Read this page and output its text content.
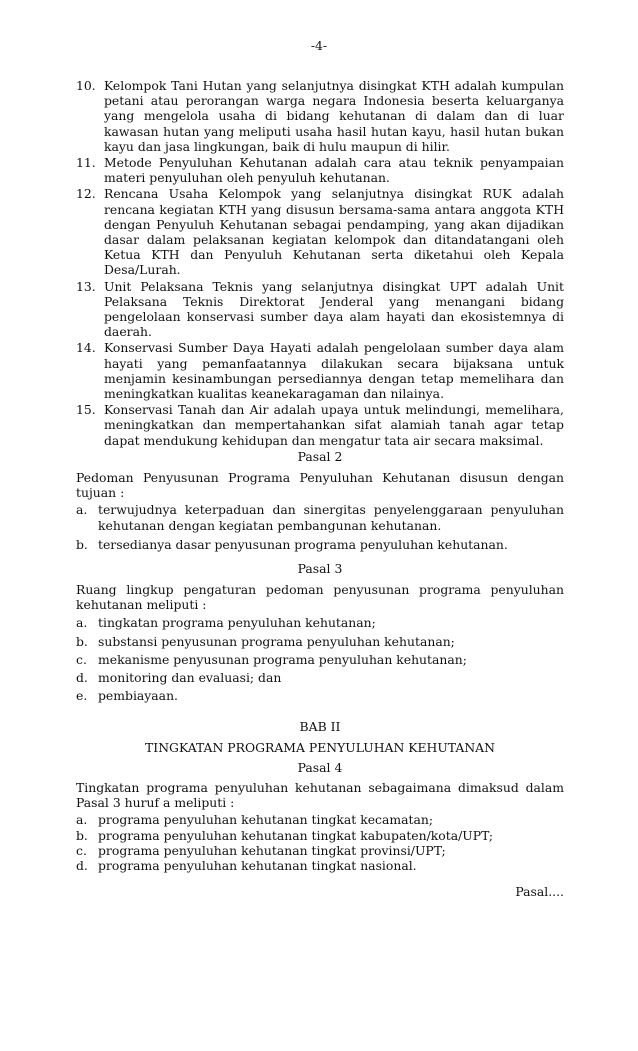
-4-
10. Kelompok Tani Hutan yang selanjutnya disingkat KTH adalah kumpulan petani atau perorangan warga negara Indonesia beserta keluarganya yang mengelola usaha di bidang kehutanan di dalam dan di luar kawasan hutan yang meliputi usaha hasil hutan kayu, hasil hutan bukan kayu dan jasa lingkungan, baik di hulu maupun di hilir.
11. Metode Penyuluhan Kehutanan adalah cara atau teknik penyampaian materi penyuluhan oleh penyuluh kehutanan.
12. Rencana Usaha Kelompok yang selanjutnya disingkat RUK adalah rencana kegiatan KTH yang disusun bersama-sama antara anggota KTH dengan Penyuluh Kehutanan sebagai pendamping, yang akan dijadikan dasar dalam pelaksanan kegiatan kelompok dan ditandatangani oleh Ketua KTH dan Penyuluh Kehutanan serta diketahui oleh Kepala Desa/Lurah.
13. Unit Pelaksana Teknis yang selanjutnya disingkat UPT adalah Unit Pelaksana Teknis Direktorat Jenderal yang menangani bidang pengelolaan konservasi sumber daya alam hayati dan ekosistemnya di daerah.
14. Konservasi Sumber Daya Hayati adalah pengelolaan sumber daya alam hayati yang pemanfaatannya dilakukan secara bijaksana untuk menjamin kesinambungan persediannya dengan tetap memelihara dan meningkatkan kualitas keanekaragaman dan nilainya.
15. Konservasi Tanah dan Air adalah upaya untuk melindungi, memelihara, meningkatkan dan mempertahankan sifat alamiah tanah agar tetap dapat mendukung kehidupan dan mengatur tata air secara maksimal.
Pasal 2

Pedoman Penyusunan Programa Penyuluhan Kehutanan disusun dengan tujuan :

a. terwujudnya keterpaduan dan sinergitas penyelenggaraan penyuluhan kehutanan dengan kegiatan pembangunan kehutanan.
b. tersedianya dasar penyusunan programa penyuluhan kehutanan.
Pasal 3

Ruang lingkup pengaturan pedoman penyusunan programa penyuluhan kehutanan meliputi :

a. tingkatan programa penyuluhan kehutanan;
b. substansi penyusunan programa penyuluhan kehutanan;
c. mekanisme penyusunan programa penyuluhan kehutanan;
d. monitoring dan evaluasi; dan
e. pembiayaan.
BAB II
TINGKATAN PROGRAMA PENYULUHAN KEHUTANAN
Pasal 4

Tingkatan programa penyuluhan kehutanan sebagaimana dimaksud dalam Pasal 3 huruf a meliputi :

a. programa penyuluhan kehutanan tingkat kecamatan;
b. programa penyuluhan kehutanan tingkat kabupaten/kota/UPT;
c. programa penyuluhan kehutanan tingkat provinsi/UPT;
d. programa penyuluhan kehutanan tingkat nasional.
Pasal....
